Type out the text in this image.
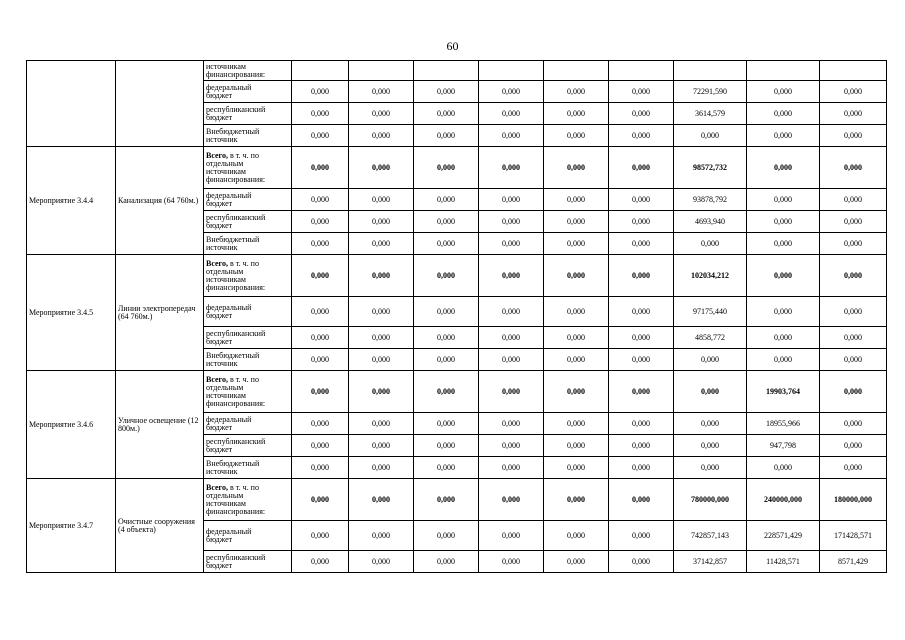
60
		источникам
финансирования:									
		федеральный
бюджет	0,000	0,000	0,000	0,000	0,000	0,000	72291,590	0,000	0,000
		республиканский
бюджет	0,000	0,000	0,000	0,000	0,000	0,000	3614,579	0,000	0,000
		Внебюджетный
источник	0,000	0,000	0,000	0,000	0,000	0,000	0,000	0,000	0,000
Мероприятие 3.4.4	Канализация (64 760м.)	Всего, в т. ч. по
отдельным
источникам
финансирования:	0,000	0,000	0,000	0,000	0,000	0,000	98572,732	0,000	0,000
		федеральный
бюджет	0,000	0,000	0,000	0,000	0,000	0,000	93878,792	0,000	0,000
		республиканский
бюджет	0,000	0,000	0,000	0,000	0,000	0,000	4693,940	0,000	0,000
		Внебюджетный
источник	0,000	0,000	0,000	0,000	0,000	0,000	0,000	0,000	0,000
Мероприятие 3.4.5	Линии электропередач (64 760м.)	Всего, в т. ч. по
отдельным
источникам
финансирования:	0,000	0,000	0,000	0,000	0,000	0,000	102034,212	0,000	0,000
		федеральный
бюджет	0,000	0,000	0,000	0,000	0,000	0,000	97175,440	0,000	0,000
		республиканский
бюджет	0,000	0,000	0,000	0,000	0,000	0,000	4858,772	0,000	0,000
		Внебюджетный
источник	0,000	0,000	0,000	0,000	0,000	0,000	0,000	0,000	0,000
Мероприятие 3.4.6	Уличное освещение (12 800м.)	Всего, в т. ч. по
отдельным
источникам
финансирования:	0,000	0,000	0,000	0,000	0,000	0,000	0,000	19903,764	0,000
		федеральный
бюджет	0,000	0,000	0,000	0,000	0,000	0,000	0,000	18955,966	0,000
		республиканский
бюджет	0,000	0,000	0,000	0,000	0,000	0,000	0,000	947,798	0,000
		Внебюджетный
источник	0,000	0,000	0,000	0,000	0,000	0,000	0,000	0,000	0,000
Мероприятие 3.4.7	Очистные сооружения (4 объекта)	Всего, в т. ч. по
отдельным
источникам
финансирования:	0,000	0,000	0,000	0,000	0,000	0,000	780000,000	240000,000	180000,000
		федеральный
бюджет	0,000	0,000	0,000	0,000	0,000	0,000	742857,143	228571,429	171428,571
		республиканский
бюджет	0,000	0,000	0,000	0,000	0,000	0,000	37142,857	11428,571	8571,429
